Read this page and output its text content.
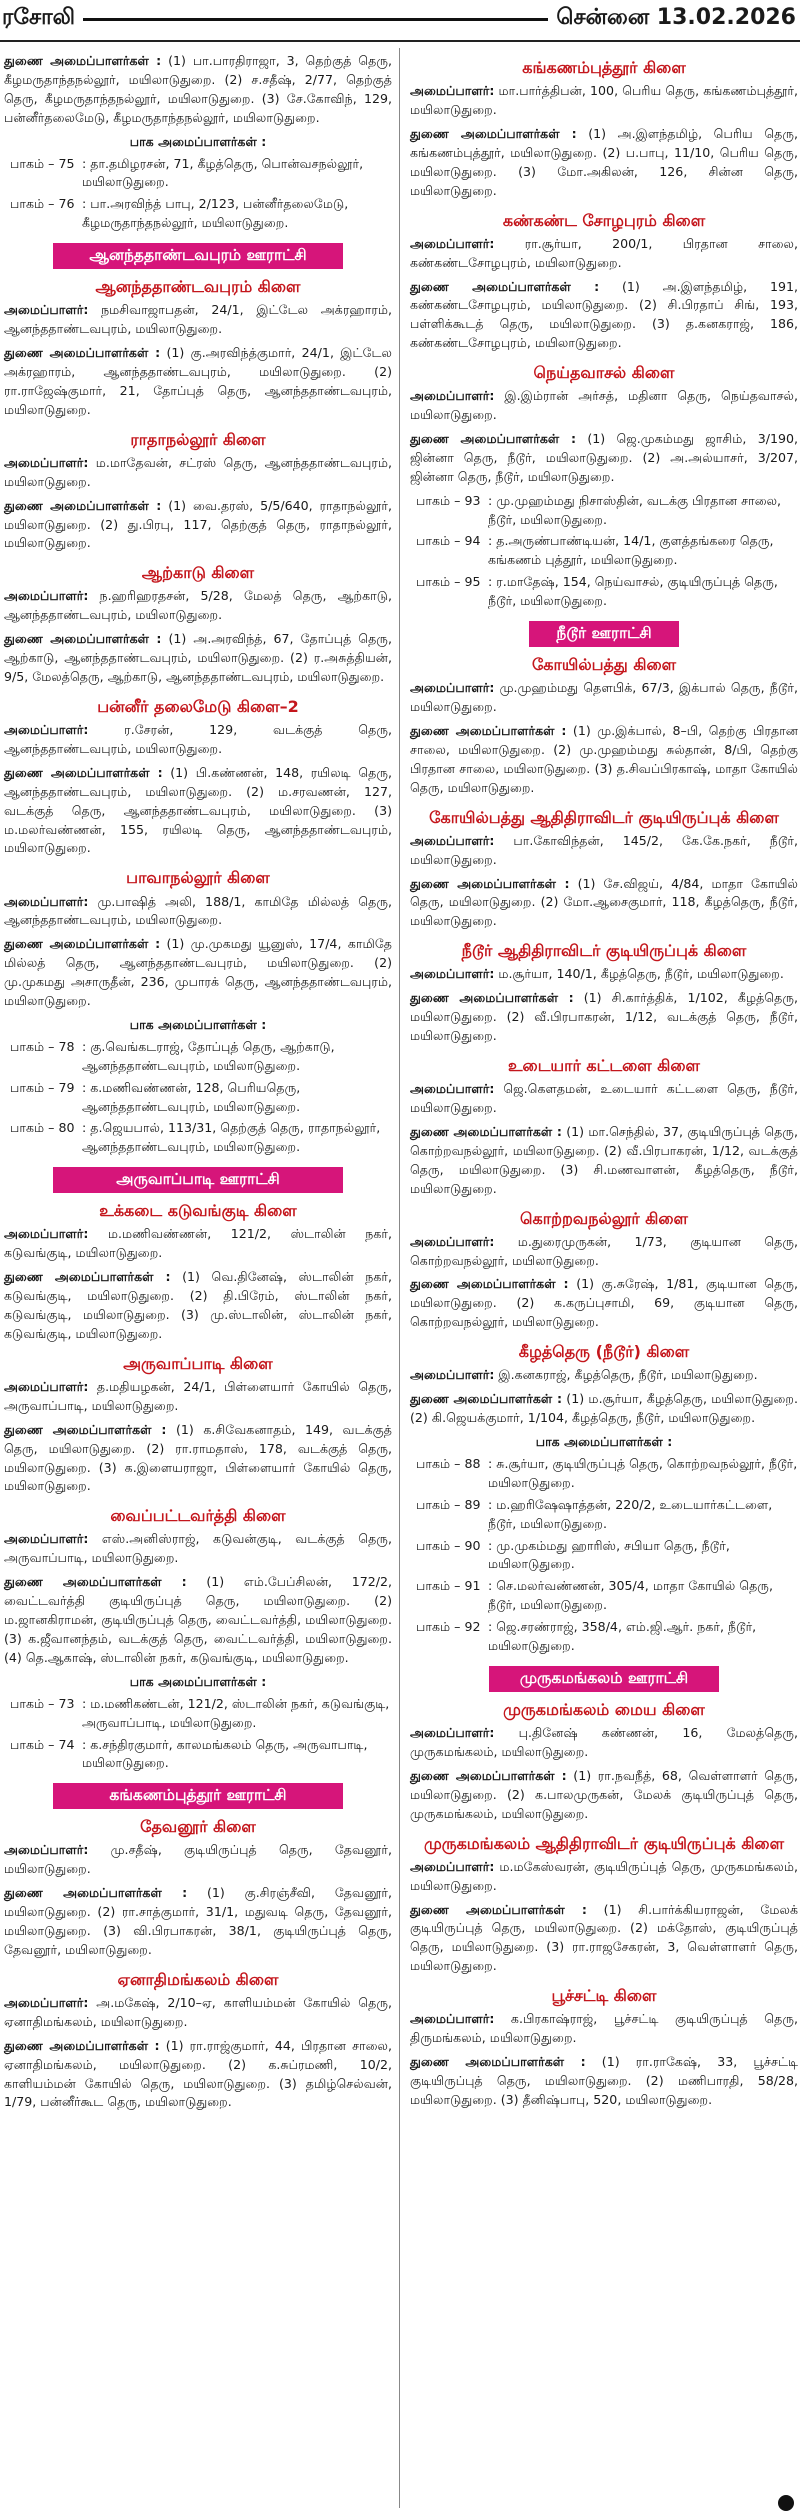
ரசோலி	சென்னை 13.02.2026

துணை அமைப்பாளர்கள் : (1) பா.பாரதிராஜா, 3, தெற்குத் தெரு, கீழமருதாந்தநல்லூர், மயிலாடுதுறை. (2) ச.சதீஷ், 2/77, தெற்குத் தெரு, கீழமருதாந்தநல்லூர், மயிலாடுதுறை. (3) சே.கோவிந், 129, பன்னீர்தலைமேடு, கீழமருதாந்தநல்லூர், மயிலாடுதுறை.

பாக அமைப்பாளர்கள் :
பாகம் – 75 : தா.தமிழரசன், 71, கீழத்தெரு, பொன்வசநல்லூர், மயிலாடுதுறை.
பாகம் – 76 : பா.அரவிந்த் பாபு, 2/123, பன்னீர்தலைமேடு, கீழமருதாந்தநல்லூர், மயிலாடுதுறை.
ஆனந்ததாண்டவபுரம் ஊராட்சி
ஆனந்ததாண்டவபுரம் கிளை

அமைப்பாளர்: நமசிவாஜாபதன், 24/1, இட்டேல அக்ரஹாரம், ஆனந்ததாண்டவபுரம், மயிலாடுதுறை.

துணை அமைப்பாளர்கள் : (1) கு.அரவிந்த்குமார், 24/1, இட்டேல அக்ரஹாரம், ஆனந்ததாண்டவபுரம், மயிலாடுதுறை. (2) ரா.ராஜேஷ்குமார், 21, தோப்புத் தெரு, ஆனந்ததாண்டவபுரம், மயிலாடுதுறை.

ராதாநல்லூர் கிளை

அமைப்பாளர்: ம.மாதேவன், சட்ரஸ் தெரு, ஆனந்ததாண்டவபுரம், மயிலாடுதுறை.

துணை அமைப்பாளர்கள் : (1) வை.தரஸ், 5/5/640, ராதாநல்லூர், மயிலாடுதுறை. (2) து.பிரபு, 117, தெற்குத் தெரு, ராதாநல்லூர், மயிலாடுதுறை.

ஆற்காடு கிளை

அமைப்பாளர்: ந.ஹரிஹரதசன், 5/28, மேலத் தெரு, ஆற்காடு, ஆனந்ததாண்டவபுரம், மயிலாடுதுறை.

துணை அமைப்பாளர்கள் : (1) அ.அரவிந்த், 67, தோப்புத் தெரு, ஆற்காடு, ஆனந்ததாண்டவபுரம், மயிலாடுதுறை. (2) ர.அசுத்தியன், 9/5, மேலத்தெரு, ஆற்காடு, ஆனந்ததாண்டவபுரம், மயிலாடுதுறை.

பன்னீர் தலைமேடு கிளை–2

அமைப்பாளர்: ர.சேரன், 129, வடக்குத் தெரு, ஆனந்ததாண்டவபுரம், மயிலாடுதுறை.

துணை அமைப்பாளர்கள் : (1) பி.கண்ணன், 148, ரயிலடி தெரு, ஆனந்ததாண்டவபுரம், மயிலாடுதுறை. (2) ம.சரவணன், 127, வடக்குத் தெரு, ஆனந்ததாண்டவபுரம், மயிலாடுதுறை. (3) ம.மலர்வண்ணன், 155, ரயிலடி தெரு, ஆனந்ததாண்டவபுரம், மயிலாடுதுறை.

பாவாநல்லூர் கிளை

அமைப்பாளர்: மு.பாஷித் அலி, 188/1, காமிதே மில்லத் தெரு, ஆனந்ததாண்டவபுரம், மயிலாடுதுறை.

துணை அமைப்பாளர்கள் : (1) மு.முகமது யூனுஸ், 17/4, காமிதே மில்லத் தெரு, ஆனந்ததாண்டவபுரம், மயிலாடுதுறை. (2) மு.முகமது அசாருதீன், 236, முபாரக் தெரு, ஆனந்ததாண்டவபுரம், மயிலாடுதுறை.

பாக அமைப்பாளர்கள் :
பாகம் – 78 : கு.வெங்கடராஜ், தோப்புத் தெரு, ஆற்காடு, ஆனந்ததாண்டவபுரம், மயிலாடுதுறை.
பாகம் – 79 : க.மணிவண்ணன், 128, பெரியதெரு, ஆனந்ததாண்டவபுரம், மயிலாடுதுறை.
பாகம் – 80 : த.ஜெயபால், 113/31, தெற்குத் தெரு, ராதாநல்லூர், ஆனந்ததாண்டவபுரம், மயிலாடுதுறை.
அருவாப்பாடி ஊராட்சி
உக்கடை கடுவங்குடி கிளை

அமைப்பாளர்: ம.மணிவண்ணன், 121/2, ஸ்டாலின் நகர், கடுவங்குடி, மயிலாடுதுறை.

துணை அமைப்பாளர்கள் : (1) வெ.தினேஷ், ஸ்டாலின் நகர், கடுவங்குடி, மயிலாடுதுறை. (2) தி.பிரேம், ஸ்டாலின் நகர், கடுவங்குடி, மயிலாடுதுறை. (3) மு.ஸ்டாலின், ஸ்டாலின் நகர், கடுவங்குடி, மயிலாடுதுறை.

அருவாப்பாடி கிளை

அமைப்பாளர்: த.மதியழகன், 24/1, பிள்ளையார் கோயில் தெரு, அருவாப்பாடி, மயிலாடுதுறை.

துணை அமைப்பாளர்கள் : (1) க.சிவேகனாதம், 149, வடக்குத் தெரு, மயிலாடுதுறை. (2) ரா.ராமதாஸ், 178, வடக்குத் தெரு, மயிலாடுதுறை. (3) க.இளையராஜா, பிள்ளையார் கோயில் தெரு, மயிலாடுதுறை.

வைப்பட்டவர்த்தி கிளை

அமைப்பாளர்: எஸ்.அனிஸ்ராஜ், கடுவன்குடி, வடக்குத் தெரு, அருவாப்பாடி, மயிலாடுதுறை.

துணை அமைப்பாளர்கள் : (1) எம்.பேப்சிலன், 172/2, வைட்டவர்த்தி குடியிருப்புத் தெரு, மயிலாடுதுறை. (2) ம.ஜானகிராமன், குடியிருப்புத் தெரு, வைட்டவர்த்தி, மயிலாடுதுறை. (3) க.ஜீவானந்தம், வடக்குத் தெரு, வைட்டவர்த்தி, மயிலாடுதுறை. (4) தெ.ஆகாஷ், ஸ்டாலின் நகர், கடுவங்குடி, மயிலாடுதுறை.

பாக அமைப்பாளர்கள் :
பாகம் – 73 : ம.மணிகண்டன், 121/2, ஸ்டாலின் நகர், கடுவங்குடி, அருவாப்பாடி, மயிலாடுதுறை.
பாகம் – 74 : க.சந்திரகுமார், காலமங்கலம் தெரு, அருவாபாடி, மயிலாடுதுறை.
கங்கணம்புத்தூர் ஊராட்சி
தேவனூர் கிளை

அமைப்பாளர்: மு.சதீஷ், குடியிருப்புத் தெரு, தேவனூர், மயிலாடுதுறை.

துணை அமைப்பாளர்கள் : (1) கு.சிரஞ்சீவி, தேவனூர், மயிலாடுதுறை. (2) ரா.சாத்குமார், 31/1, மதுவடி தெரு, தேவனூர், மயிலாடுதுறை. (3) வி.பிரபாகரன், 38/1, குடியிருப்புத் தெரு, தேவனூர், மயிலாடுதுறை.

ஏனாதிமங்கலம் கிளை

அமைப்பாளர்: அ.மகேஷ், 2/10–ஏ, காளியம்மன் கோயில் தெரு, ஏனாதிமங்கலம், மயிலாடுதுறை.

துணை அமைப்பாளர்கள் : (1) ரா.ராஜ்குமார், 44, பிரதான சாலை, ஏனாதிமங்கலம், மயிலாடுதுறை. (2) க.சுப்ரமணி, 10/2, காளியம்மன் கோயில் தெரு, மயிலாடுதுறை. (3) தமிழ்செல்வன், 1/79, பன்னீர்கூட தெரு, மயிலாடுதுறை.

கங்கணம்புத்தூர் கிளை

அமைப்பாளர்: மா.பார்த்திபன், 100, பெரிய தெரு, கங்கணம்புத்தூர், மயிலாடுதுறை.

துணை அமைப்பாளர்கள் : (1) அ.இளந்தமிழ், பெரிய தெரு, கங்கணம்புத்தூர், மயிலாடுதுறை. (2) ப.பாபு, 11/10, பெரிய தெரு, மயிலாடுதுறை. (3) மோ.அகிலன், 126, சின்ன தெரு, மயிலாடுதுறை.

கண்கண்ட சோழபுரம் கிளை

அமைப்பாளர்: ரா.சூர்யா, 200/1, பிரதான சாலை, கண்கண்டசோழபுரம், மயிலாடுதுறை.

துணை அமைப்பாளர்கள் : (1) அ.இளந்தமிழ், 191, கண்கண்டசோழபுரம், மயிலாடுதுறை. (2) சி.பிரதாப் சிங், 193, பள்ளிக்கூடத் தெரு, மயிலாடுதுறை. (3) த.கனகராஜ், 186, கண்கண்டசோழபுரம், மயிலாடுதுறை.

நெய்தவாசல் கிளை

அமைப்பாளர்: இ.இம்ரான் அர்சத், மதினா தெரு, நெய்தவாசல், மயிலாடுதுறை.

துணை அமைப்பாளர்கள் : (1) ஜெ.முகம்மது ஜாசிம், 3/190, ஜின்னா தெரு, நீடூர், மயிலாடுதுறை. (2) அ.அல்யாசர், 3/207, ஜின்னா தெரு, நீடூர், மயிலாடுதுறை.

பாகம் – 93 : மு.முஹம்மது நிசாஸ்தின், வடக்கு பிரதான சாலை, நீடூர், மயிலாடுதுறை.
பாகம் – 94 : த.அருண்பாண்டியன், 14/1, குளத்தங்கரை தெரு, கங்கணம் புத்தூர், மயிலாடுதுறை.
பாகம் – 95 : ர.மாதேஷ், 154, நெய்வாசல், குடியிருப்புத் தெரு, நீடூர், மயிலாடுதுறை.
நீடூர் ஊராட்சி
கோயில்பத்து கிளை

அமைப்பாளர்: மு.முஹம்மது தௌபிக், 67/3, இக்பால் தெரு, நீடூர், மயிலாடுதுறை.

துணை அமைப்பாளர்கள் : (1) மு.இக்பால், 8–பி, தெற்கு பிரதான சாலை, மயிலாடுதுறை. (2) மு.முஹம்மது சுல்தான், 8/பி, தெற்கு பிரதான சாலை, மயிலாடுதுறை. (3) த.சிவப்பிரகாஷ், மாதா கோயில் தெரு, மயிலாடுதுறை.

கோயில்பத்து ஆதிதிராவிடர் குடியிருப்புக் கிளை

அமைப்பாளர்: பா.கோவிந்தன், 145/2, கே.கே.நகர், நீடூர், மயிலாடுதுறை.

துணை அமைப்பாளர்கள் : (1) சே.விஜய், 4/84, மாதா கோயில் தெரு, மயிலாடுதுறை. (2) மோ.ஆசைகுமார், 118, கீழத்தெரு, நீடூர், மயிலாடுதுறை.

நீடூர் ஆதிதிராவிடர் குடியிருப்புக் கிளை

அமைப்பாளர்: ம.சூர்யா, 140/1, கீழத்தெரு, நீடூர், மயிலாடுதுறை.

துணை அமைப்பாளர்கள் : (1) சி.கார்த்திக், 1/102, கீழத்தெரு, மயிலாடுதுறை. (2) வீ.பிரபாகரன், 1/12, வடக்குத் தெரு, நீடூர், மயிலாடுதுறை.

உடையார் கட்டளை கிளை

அமைப்பாளர்: ஜெ.கௌதமன், உடையார் கட்டளை தெரு, நீடூர், மயிலாடுதுறை.

துணை அமைப்பாளர்கள் : (1) மா.செந்தில், 37, குடியிருப்புத் தெரு, கொற்றவநல்லூர், மயிலாடுதுறை. (2) வீ.பிரபாகரன், 1/12, வடக்குத் தெரு, மயிலாடுதுறை. (3) சி.மணவாளன், கீழத்தெரு, நீடூர், மயிலாடுதுறை.

கொற்றவநல்லூர் கிளை

அமைப்பாளர்: ம.துரைமுருகன், 1/73, குடியான தெரு, கொற்றவநல்லூர், மயிலாடுதுறை.

துணை அமைப்பாளர்கள் : (1) கு.சுரேஷ், 1/81, குடியான தெரு, மயிலாடுதுறை. (2) க.கருப்புசாமி, 69, குடியான தெரு, கொற்றவநல்லூர், மயிலாடுதுறை.

கீழத்தெரு (நீடூர்) கிளை

அமைப்பாளர்: இ.கனகராஜ், கீழத்தெரு, நீடூர், மயிலாடுதுறை.

துணை அமைப்பாளர்கள் : (1) ம.சூர்யா, கீழத்தெரு, மயிலாடுதுறை. (2) கி.ஜெயக்குமார், 1/104, கீழத்தெரு, நீடூர், மயிலாடுதுறை.

பாக அமைப்பாளர்கள் :
பாகம் – 88 : சு.சூர்யா, குடியிருப்புத் தெரு, கொற்றவநல்லூர், நீடூர், மயிலாடுதுறை.
பாகம் – 89 : ம.ஹரிஷேஷாத்தன், 220/2, உடையார்கட்டளை, நீடூர், மயிலாடுதுறை.
பாகம் – 90 : மு.முகம்மது ஹாரிஸ், சபியா தெரு, நீடூர், மயிலாடுதுறை.
பாகம் – 91 : செ.மலர்வண்ணன், 305/4, மாதா கோயில் தெரு, நீடூர், மயிலாடுதுறை.
பாகம் – 92 : ஜெ.சரண்ராஜ், 358/4, எம்.ஜி.ஆர். நகர், நீடூர், மயிலாடுதுறை.
முருகமங்கலம் ஊராட்சி
முருகமங்கலம் மைய கிளை

அமைப்பாளர்: பு.தினேஷ் கண்ணன், 16, மேலத்தெரு, முருகமங்கலம், மயிலாடுதுறை.

துணை அமைப்பாளர்கள் : (1) ரா.நவநீத், 68, வெள்ளாளர் தெரு, மயிலாடுதுறை. (2) க.பாலமுருகன், மேலக் குடியிருப்புத் தெரு, முருகமங்கலம், மயிலாடுதுறை.

முருகமங்கலம் ஆதிதிராவிடர் குடியிருப்புக் கிளை

அமைப்பாளர்: ம.மகேஸ்வரன், குடியிருப்புத் தெரு, முருகமங்கலம், மயிலாடுதுறை.

துணை அமைப்பாளர்கள் : (1) சி.பார்க்கியராஜன், மேலக் குடியிருப்புத் தெரு, மயிலாடுதுறை. (2) மக்தோஸ், குடியிருப்புத் தெரு, மயிலாடுதுறை. (3) ரா.ராஜசேகரன், 3, வெள்ளாளர் தெரு, மயிலாடுதுறை.

பூச்சட்டி கிளை

அமைப்பாளர்: க.பிரகாஷ்ராஜ், பூச்சட்டி குடியிருப்புத் தெரு, திருமங்கலம், மயிலாடுதுறை.

துணை அமைப்பாளர்கள் : (1) ரா.ராகேஷ், 33, பூச்சட்டி குடியிருப்புத் தெரு, மயிலாடுதுறை. (2) மணிபாரதி, 58/28, மயிலாடுதுறை. (3) தீனிஷ்பாபு, 520, மயிலாடுதுறை.
